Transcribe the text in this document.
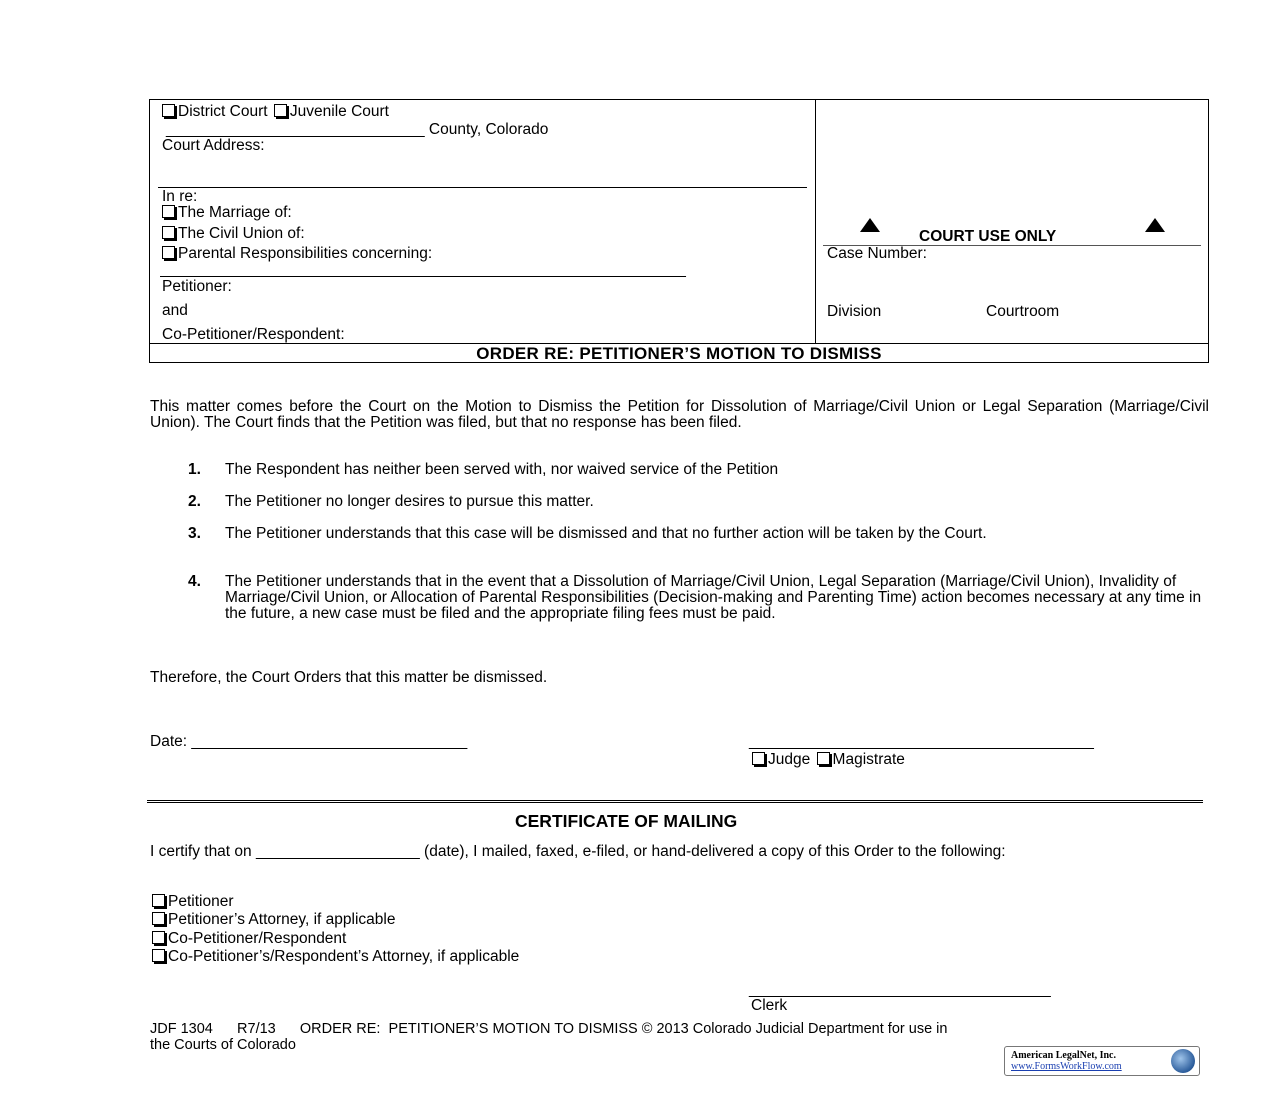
District Court Juvenile Court
______________________________ County, Colorado
Court Address:
In re:
The Marriage of:
The Civil Union of:
Parental Responsibilities concerning:
_____________________________________________________________
Petitioner:
and
Co-Petitioner/Respondent:
COURT USE ONLY
Case Number:
Division	Courtroom
ORDER RE: PETITIONER’S MOTION TO DISMISS
This matter comes before the Court on the Motion to Dismiss the Petition for Dissolution of Marriage/Civil Union or Legal Separation (Marriage/Civil Union). The Court finds that the Petition was filed, but that no response has been filed.
1. The Respondent has neither been served with, nor waived service of the Petition
2. The Petitioner no longer desires to pursue this matter.
3. The Petitioner understands that this case will be dismissed and that no further action will be taken by the Court.
4. The Petitioner understands that in the event that a Dissolution of Marriage/Civil Union, Legal Separation (Marriage/Civil Union), Invalidity of Marriage/Civil Union, or Allocation of Parental Responsibilities (Decision-making and Parenting Time) action becomes necessary at any time in the future, a new case must be filed and the appropriate filing fees must be paid.
Therefore, the Court Orders that this matter be dismissed.
Date: ________________________________	________________________________________
Judge Magistrate
CERTIFICATE OF MAILING
I certify that on ___________________ (date), I mailed, faxed, e-filed, or hand-delivered a copy of this Order to the following:
Petitioner
Petitioner’s Attorney, if applicable
Co-Petitioner/Respondent
Co-Petitioner’s/Respondent’s Attorney, if applicable
___________________________________
Clerk
JDF 1304      R7/13      ORDER RE:  PETITIONER’S MOTION TO DISMISS © 2013 Colorado Judicial Department for use in
the Courts of Colorado
American LegalNet, Inc.
www.FormsWorkFlow.com
